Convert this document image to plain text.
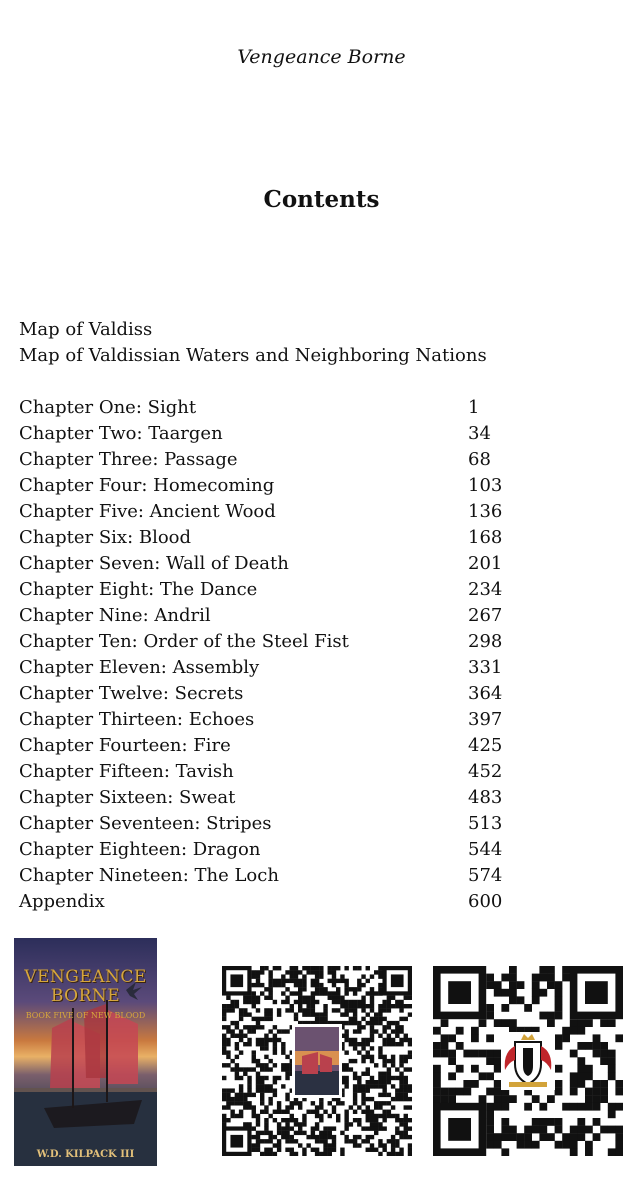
Vengeance Borne
Contents
Map of Valdiss
Map of Valdissian Waters and Neighboring Nations
Chapter One: Sight	1
Chapter Two: Taargen	34
Chapter Three: Passage	68
Chapter Four: Homecoming	103
Chapter Five: Ancient Wood	136
Chapter Six: Blood	168
Chapter Seven: Wall of Death	201
Chapter Eight: The Dance	234
Chapter Nine: Andril	267
Chapter Ten: Order of the Steel Fist	298
Chapter Eleven: Assembly	331
Chapter Twelve: Secrets	364
Chapter Thirteen: Echoes	397
Chapter Fourteen: Fire	425
Chapter Fifteen: Tavish	452
Chapter Sixteen: Sweat	483
Chapter Seventeen: Stripes	513
Chapter Eighteen: Dragon	544
Chapter Nineteen: The Loch	574
Appendix	600
VENGEANCE
BORNE
BOOK FIVE OF NEW BLOOD
W.D. KILPACK III
